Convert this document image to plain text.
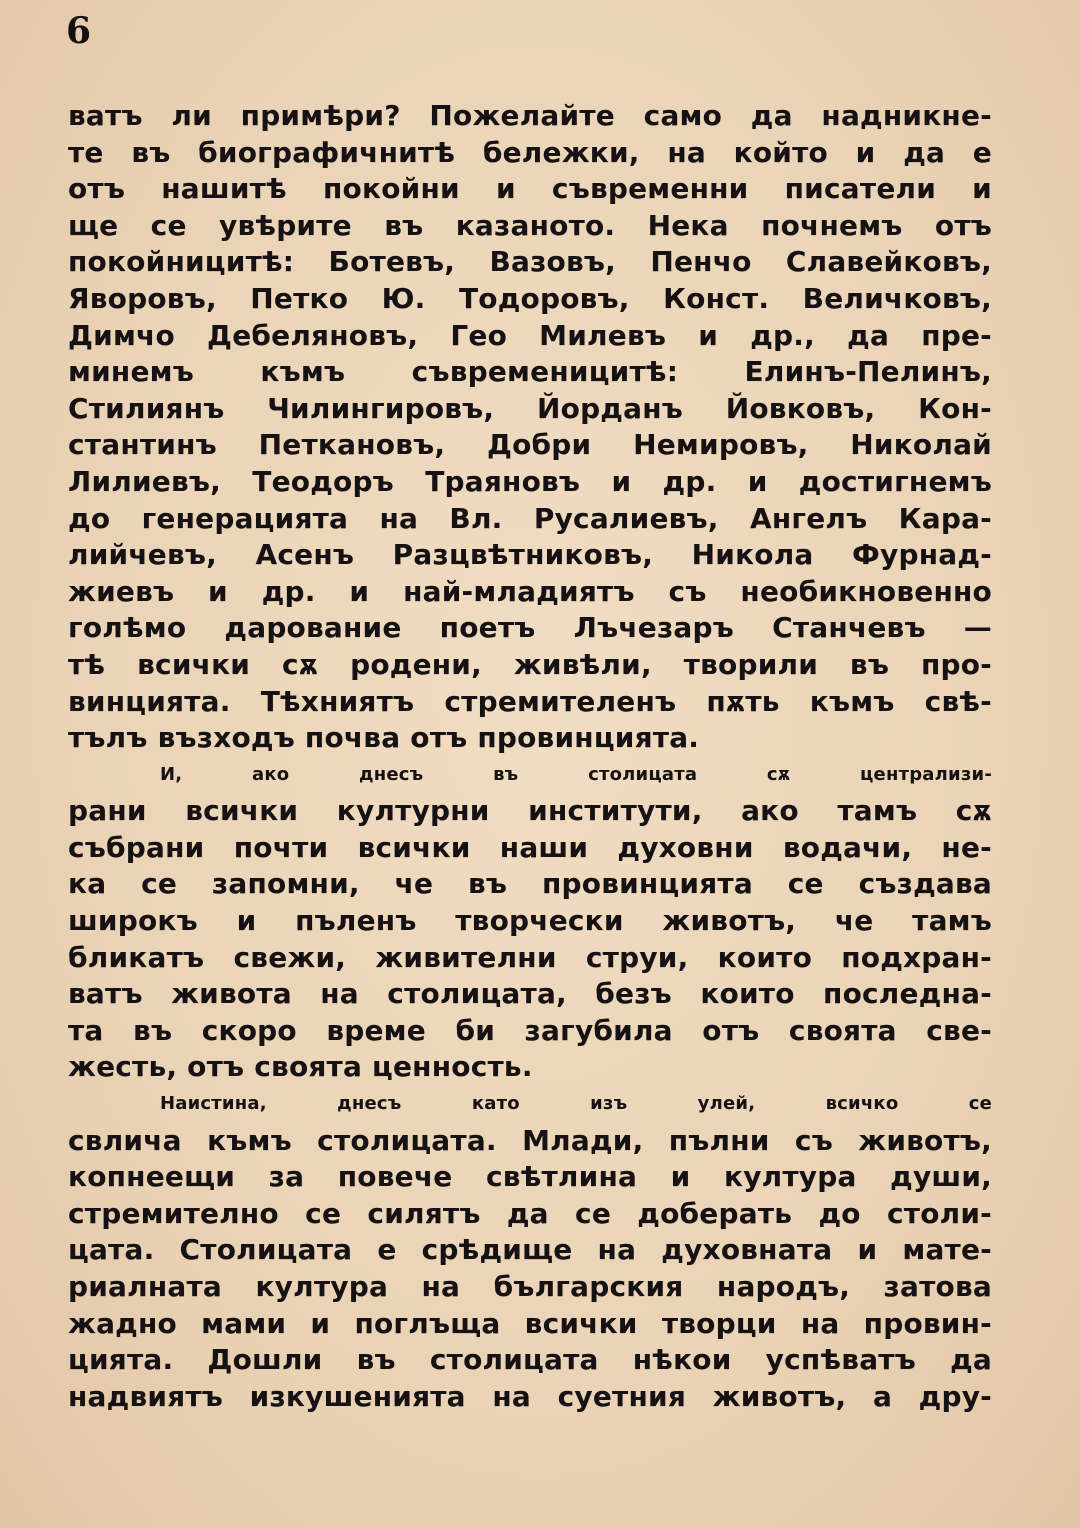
6
ватъ ли примѣри? Пожелайте само да надникне-
те въ биографичнитѣ бележки, на който и да е
отъ нашитѣ покойни и съвременни писатели и
ще се увѣрите въ казаното. Нека почнемъ отъ
покойницитѣ: Ботевъ, Вазовъ, Пенчо Славейковъ,
Яворовъ, Петко Ю. Тодоровъ, Конст. Величковъ,
Димчо Дебеляновъ, Гео Милевъ и др., да пре-
минемъ къмъ съвременицитѣ: Елинъ-Пелинъ,
Стилиянъ Чилингировъ, Йорданъ Йовковъ, Кон-
стантинъ Петкановъ, Добри Немировъ, Николай
Лилиевъ, Теодоръ Траяновъ и др. и достигнемъ
до генерацията на Вл. Русалиевъ, Ангелъ Кара-
лийчевъ, Асенъ Разцвѣтниковъ, Никола Фурнад-
жиевъ и др. и най-младиятъ съ необикновенно
голѣмо дарование поетъ Лъчезаръ Станчевъ —
тѣ всички сѫ родени, живѣли, творили въ про-
винцията. Тѣхниятъ стремителенъ пѫть къмъ свѣ-
тълъ възходъ почва отъ провинцията.
И, ако днесъ въ столицата сѫ централизи-
рани всички културни институти, ако тамъ сѫ
събрани почти всички наши духовни водачи, не-
ка се запомни, че въ провинцията се създава
широкъ и пъленъ творчески животъ, че тамъ
бликатъ свежи, живителни струи, които подхран-
ватъ живота на столицата, безъ които последна-
та въ скоро време би загубила отъ своята све-
жесть, отъ своята ценность.
Наистина, днесъ като изъ улей, всичко се
свлича къмъ столицата. Млади, пълни съ животъ,
копнеещи за повече свѣтлина и култура души,
стремително се силятъ да се доберать до столи-
цата. Столицата е срѣдище на духовната и мате-
риалната култура на българския народъ, затова
жадно мами и поглъща всички творци на провин-
цията. Дошли въ столицата нѣкои успѣватъ да
надвиятъ изкушенията на суетния животъ, а дру-
